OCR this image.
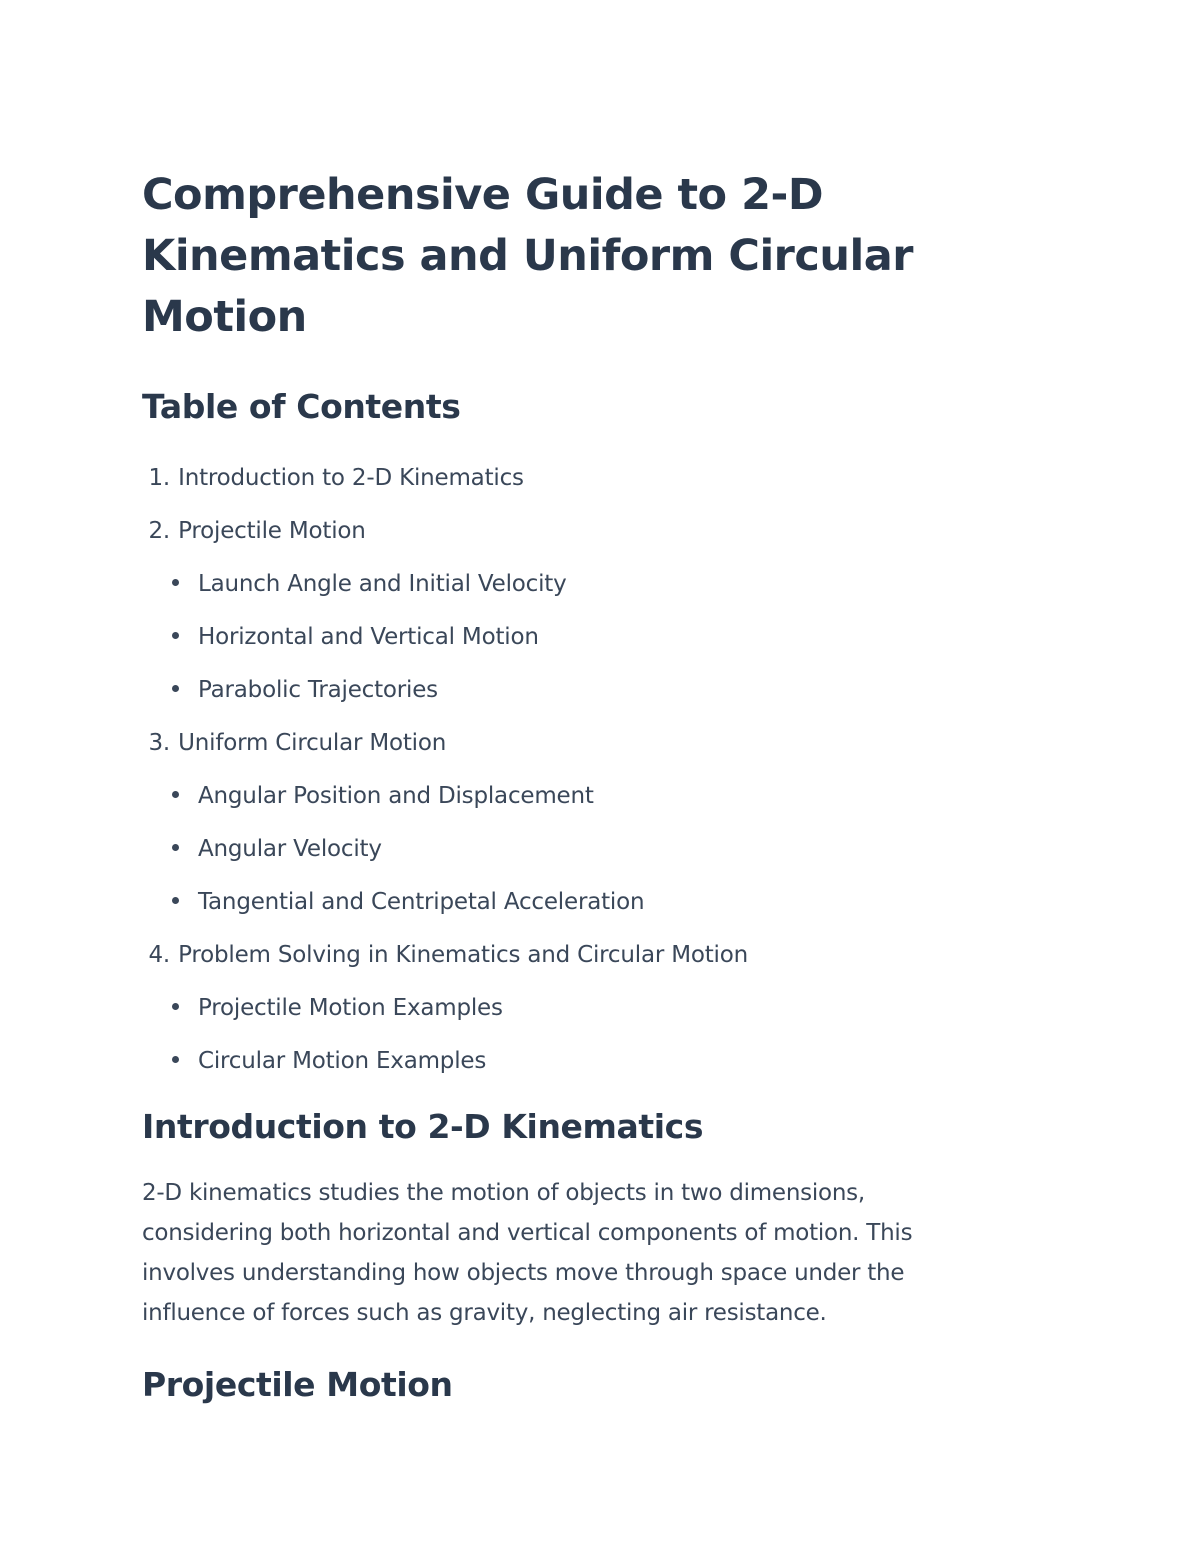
Comprehensive Guide to 2-D Kinematics and Uniform Circular Motion
Table of Contents
1. Introduction to 2-D Kinematics
2. Projectile Motion
Launch Angle and Initial Velocity
Horizontal and Vertical Motion
Parabolic Trajectories
3. Uniform Circular Motion
Angular Position and Displacement
Angular Velocity
Tangential and Centripetal Acceleration
4. Problem Solving in Kinematics and Circular Motion
Projectile Motion Examples
Circular Motion Examples
Introduction to 2-D Kinematics

2-D kinematics studies the motion of objects in two dimensions, considering both horizontal and vertical components of motion. This involves understanding how objects move through space under the influence of forces such as gravity, neglecting air resistance.

Projectile Motion
